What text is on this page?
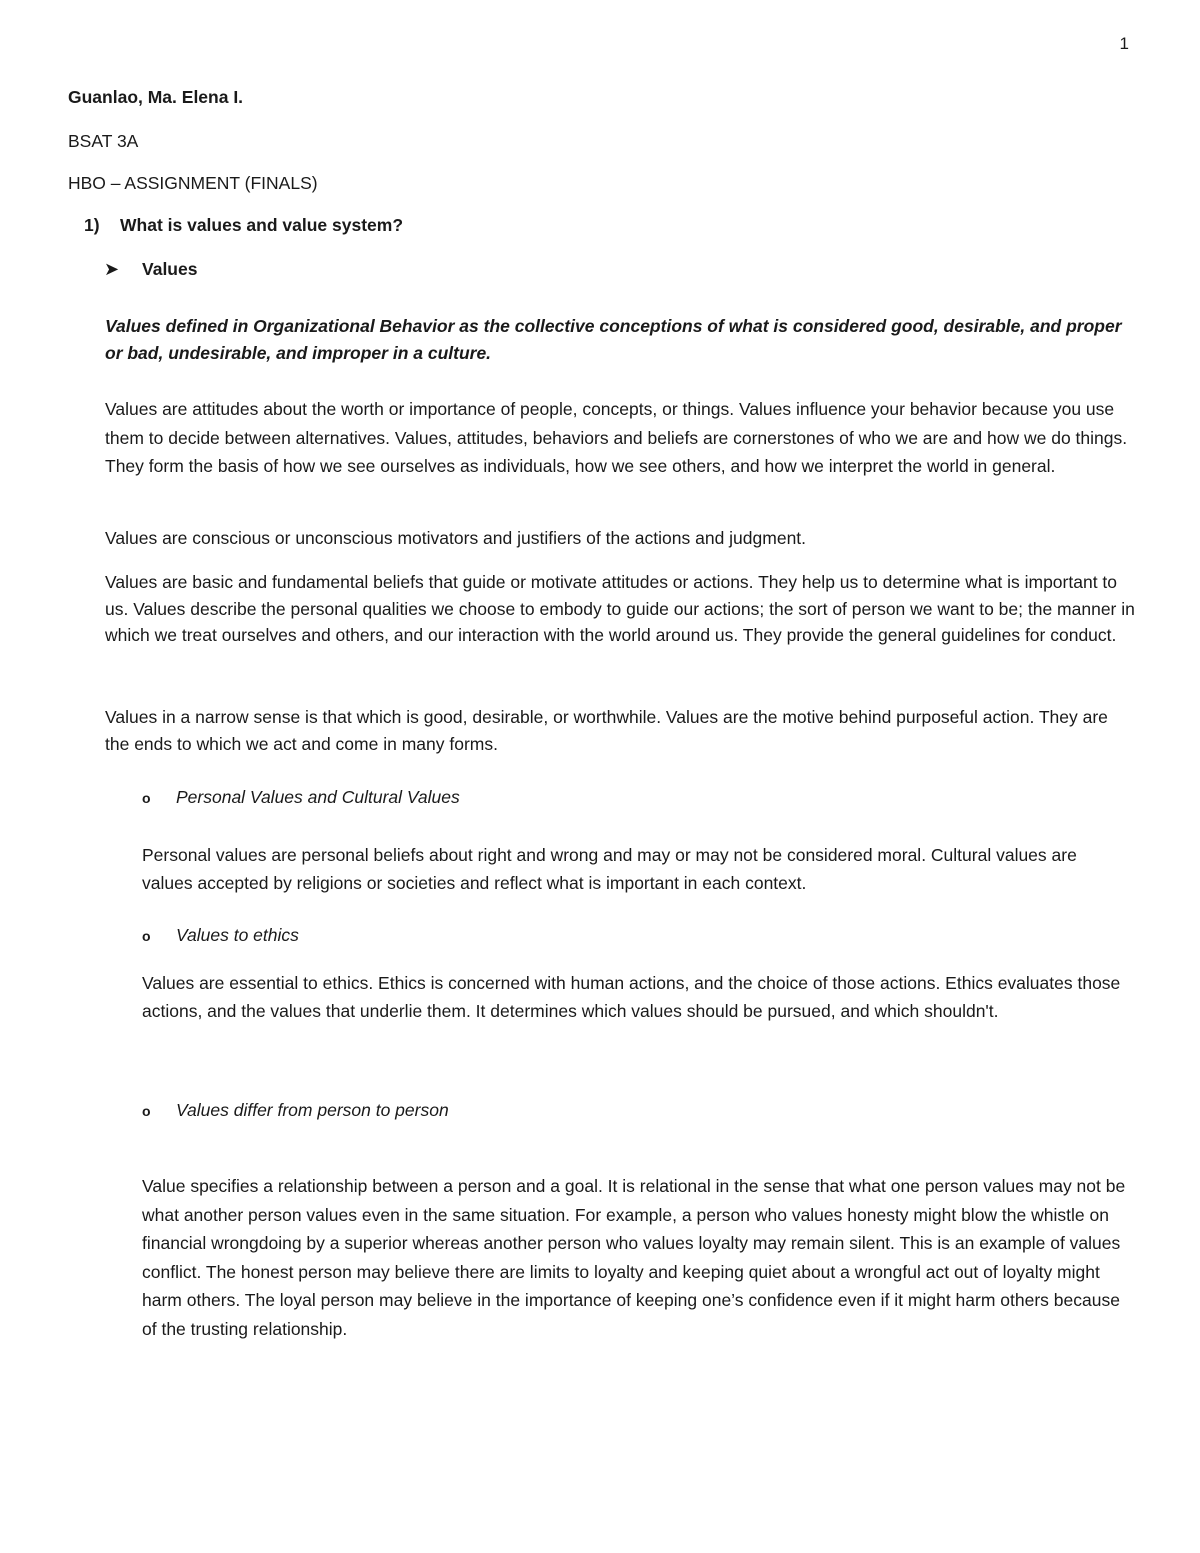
1
Guanlao, Ma. Elena I.
BSAT 3A
HBO – ASSIGNMENT (FINALS)
1) What is values and value system?
➤ Values
Values defined in Organizational Behavior as the collective conceptions of what is considered good, desirable, and proper or bad, undesirable, and improper in a culture.
Values are attitudes about the worth or importance of people, concepts, or things. Values influence your behavior because you use them to decide between alternatives. Values, attitudes, behaviors and beliefs are cornerstones of who we are and how we do things. They form the basis of how we see ourselves as individuals, how we see others, and how we interpret the world in general.
Values are conscious or unconscious motivators and justifiers of the actions and judgment.
Values are basic and fundamental beliefs that guide or motivate attitudes or actions. They help us to determine what is important to us. Values describe the personal qualities we choose to embody to guide our actions; the sort of person we want to be; the manner in which we treat ourselves and others, and our interaction with the world around us. They provide the general guidelines for conduct.
Values in a narrow sense is that which is good, desirable, or worthwhile. Values are the motive behind purposeful action. They are the ends to which we act and come in many forms.
o Personal Values and Cultural Values
Personal values are personal beliefs about right and wrong and may or may not be considered moral. Cultural values are values accepted by religions or societies and reflect what is important in each context.
o Values to ethics
Values are essential to ethics. Ethics is concerned with human actions, and the choice of those actions. Ethics evaluates those actions, and the values that underlie them. It determines which values should be pursued, and which shouldn't.
o Values differ from person to person
Value specifies a relationship between a person and a goal. It is relational in the sense that what one person values may not be what another person values even in the same situation. For example, a person who values honesty might blow the whistle on financial wrongdoing by a superior whereas another person who values loyalty may remain silent. This is an example of values conflict. The honest person may believe there are limits to loyalty and keeping quiet about a wrongful act out of loyalty might harm others. The loyal person may believe in the importance of keeping one’s confidence even if it might harm others because of the trusting relationship.
